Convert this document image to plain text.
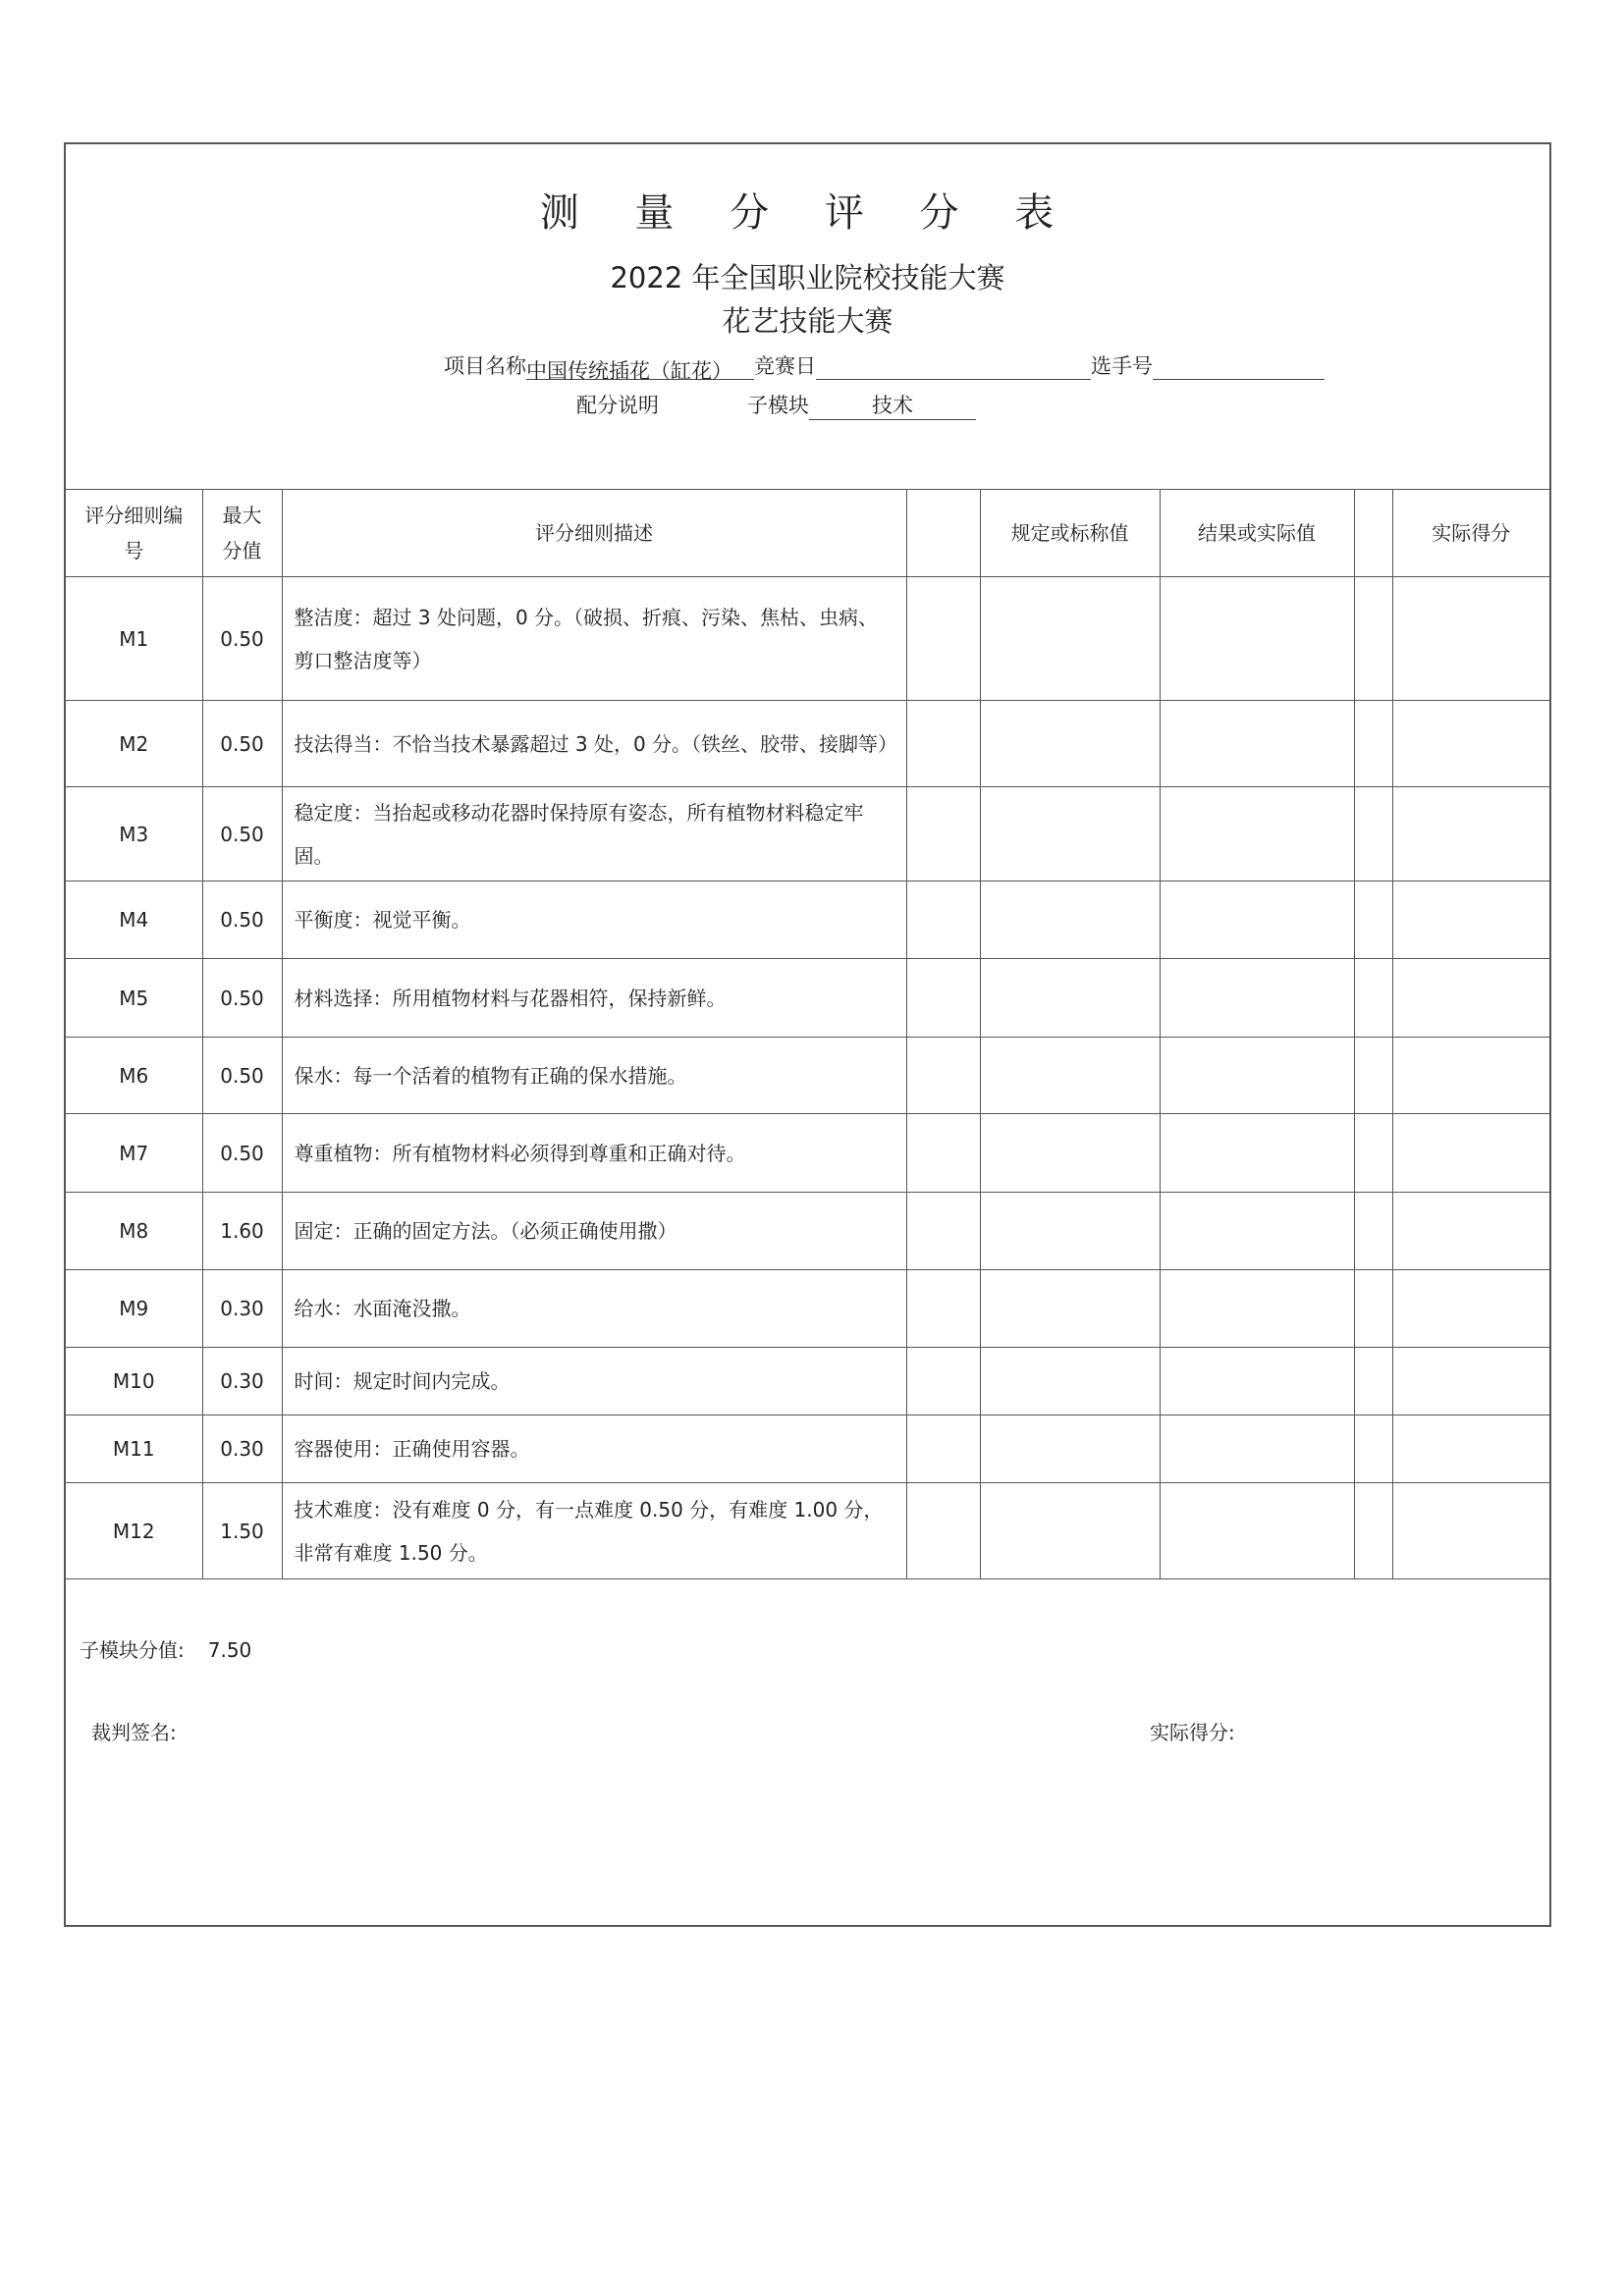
测 量 分 评 分 表
2022 年全国职业院校技能大赛
花艺技能大赛
项目名称中国传统插花（缸花） 竞赛日	选手号
配分说明	子模块	技术
评分细则编号	最大分值	评分细则描述		规定或标称值	结果或实际值		实际得分
M1	0.50	整洁度：超过 3 处问题，0 分。（破损、折痕、污染、焦枯、虫病、剪口整洁度等）					
M2	0.50	技法得当：不恰当技术暴露超过 3 处，0 分。（铁丝、胶带、接脚等）					
M3	0.50	稳定度：当抬起或移动花器时保持原有姿态，所有植物材料稳定牢固。					
M4	0.50	平衡度：视觉平衡。					
M5	0.50	材料选择：所用植物材料与花器相符，保持新鲜。					
M6	0.50	保水：每一个活着的植物有正确的保水措施。					
M7	0.50	尊重植物：所有植物材料必须得到尊重和正确对待。					
M8	1.60	固定：正确的固定方法。（必须正确使用撒）					
M9	0.30	给水：水面淹没撒。					
M10	0.30	时间：规定时间内完成。					
M11	0.30	容器使用：正确使用容器。					
M12	1.50	技术难度：没有难度 0 分，有一点难度 0.50 分，有难度 1.00 分，非常有难度 1.50 分。					
子模块分值: 7.50
裁判签名:	实际得分:
